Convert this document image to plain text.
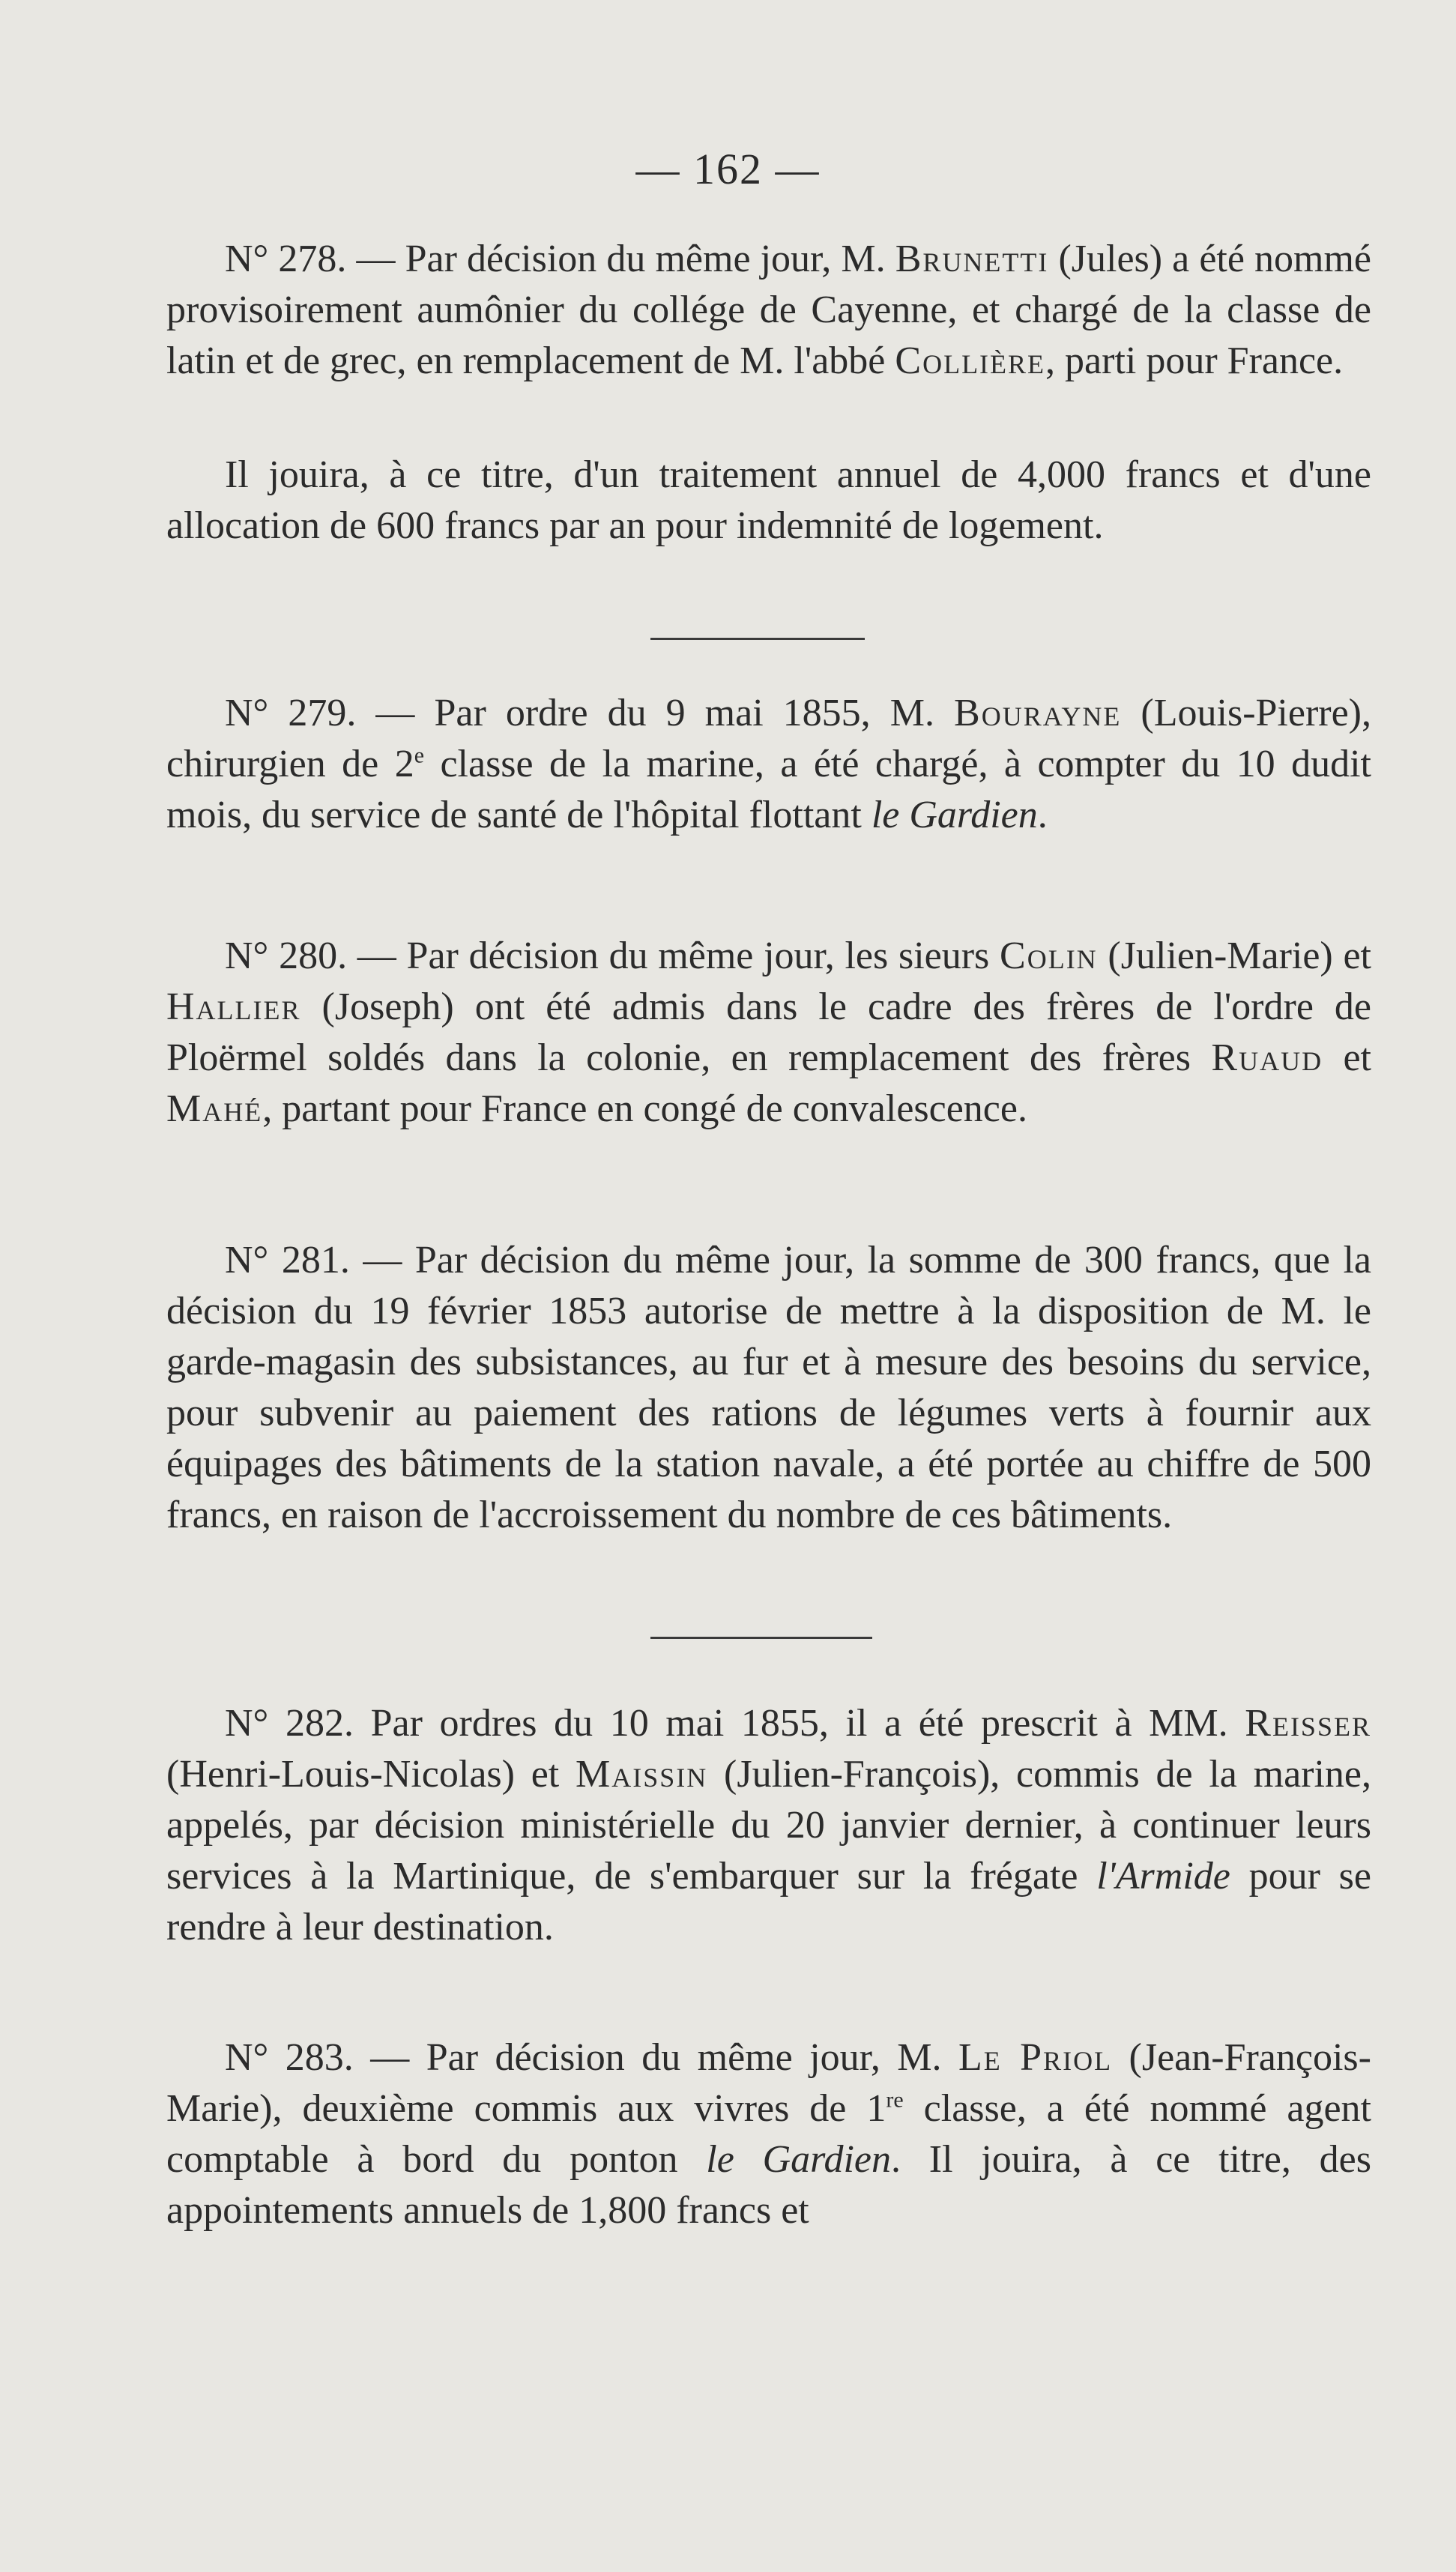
— 162 —

N° 278. — Par décision du même jour, M. Brunetti (Jules) a été nommé provisoirement aumônier du collége de Cayenne, et chargé de la classe de latin et de grec, en remplacement de M. l'abbé Collière, parti pour France.

Il jouira, à ce titre, d'un traitement annuel de 4,000 francs et d'une allocation de 600 francs par an pour indemnité de logement.

N° 279. — Par ordre du 9 mai 1855, M. Bourayne (Louis-Pierre), chirurgien de 2e classe de la marine, a été chargé, à compter du 10 dudit mois, du service de santé de l'hôpital flottant le Gardien.

N° 280. — Par décision du même jour, les sieurs Colin (Julien-Marie) et Hallier (Joseph) ont été admis dans le cadre des frères de l'ordre de Ploërmel soldés dans la colonie, en remplacement des frères Ruaud et Mahé, partant pour France en congé de convalescence.

N° 281. — Par décision du même jour, la somme de 300 francs, que la décision du 19 février 1853 autorise de mettre à la disposition de M. le garde-magasin des subsistances, au fur et à mesure des besoins du service, pour subvenir au paiement des rations de légumes verts à fournir aux équipages des bâtiments de la station navale, a été portée au chiffre de 500 francs, en raison de l'accroissement du nombre de ces bâtiments.

N° 282. Par ordres du 10 mai 1855, il a été prescrit à MM. Reisser (Henri-Louis-Nicolas) et Maissin (Julien-François), commis de la marine, appelés, par décision ministérielle du 20 janvier dernier, à continuer leurs services à la Martinique, de s'embarquer sur la frégate l'Armide pour se rendre à leur destination.

N° 283. — Par décision du même jour, M. Le Priol (Jean-François-Marie), deuxième commis aux vivres de 1re classe, a été nommé agent comptable à bord du ponton le Gardien. Il jouira, à ce titre, des appointements annuels de 1,800 francs et
